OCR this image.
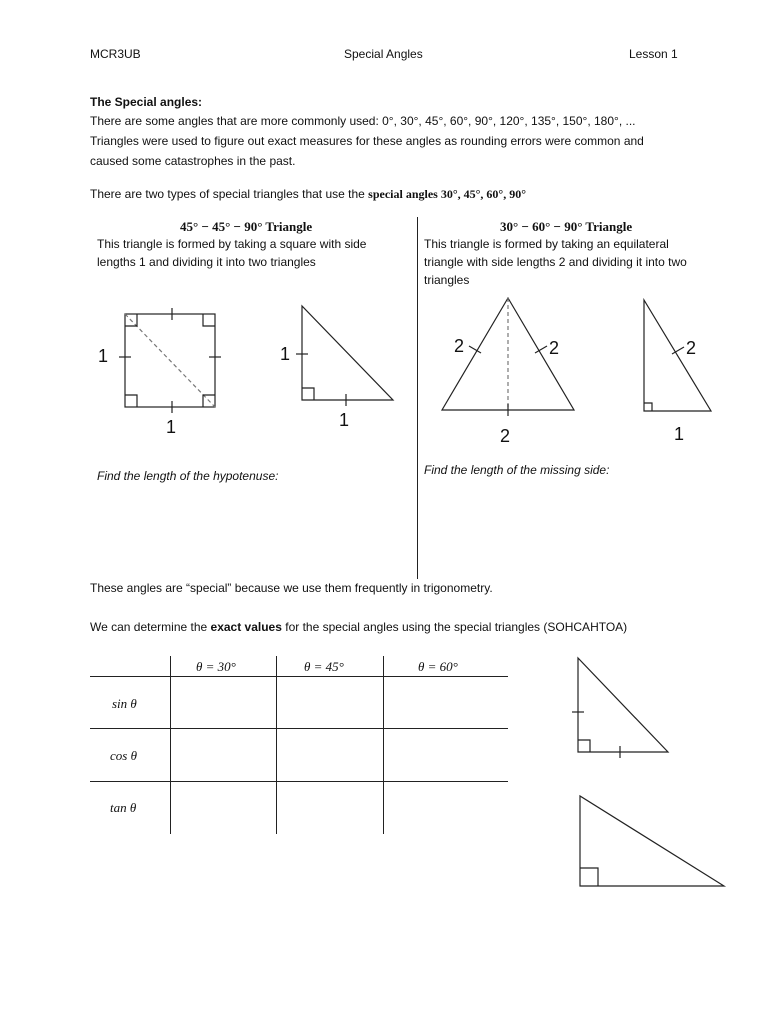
MCR3UB	Special Angles	Lesson 1
The Special angles:
There are some angles that are more commonly used: 0°, 30°, 45°, 60°, 90°, 120°, 135°, 150°, 180°, ...
Triangles were used to figure out exact measures for these angles as rounding errors were common and
caused some catastrophes in the past.
There are two types of special triangles that use the special angles 30°, 45°, 60°, 90°
45° − 45° − 90° Triangle
This triangle is formed by taking a square with side
lengths 1 and dividing it into two triangles
1
1
1
1
Find the length of the hypotenuse:
30° − 60° − 90° Triangle
This triangle is formed by taking an equilateral
triangle with side lengths 2 and dividing it into two
triangles
2	2
2
2
1
Find the length of the missing side:
These angles are “special” because we use them frequently in trigonometry.
We can determine the exact values for the special angles using the special triangles (SOHCAHTOA)
θ = 30°	θ = 45°	θ = 60°
sin θ
cos θ
tan θ
